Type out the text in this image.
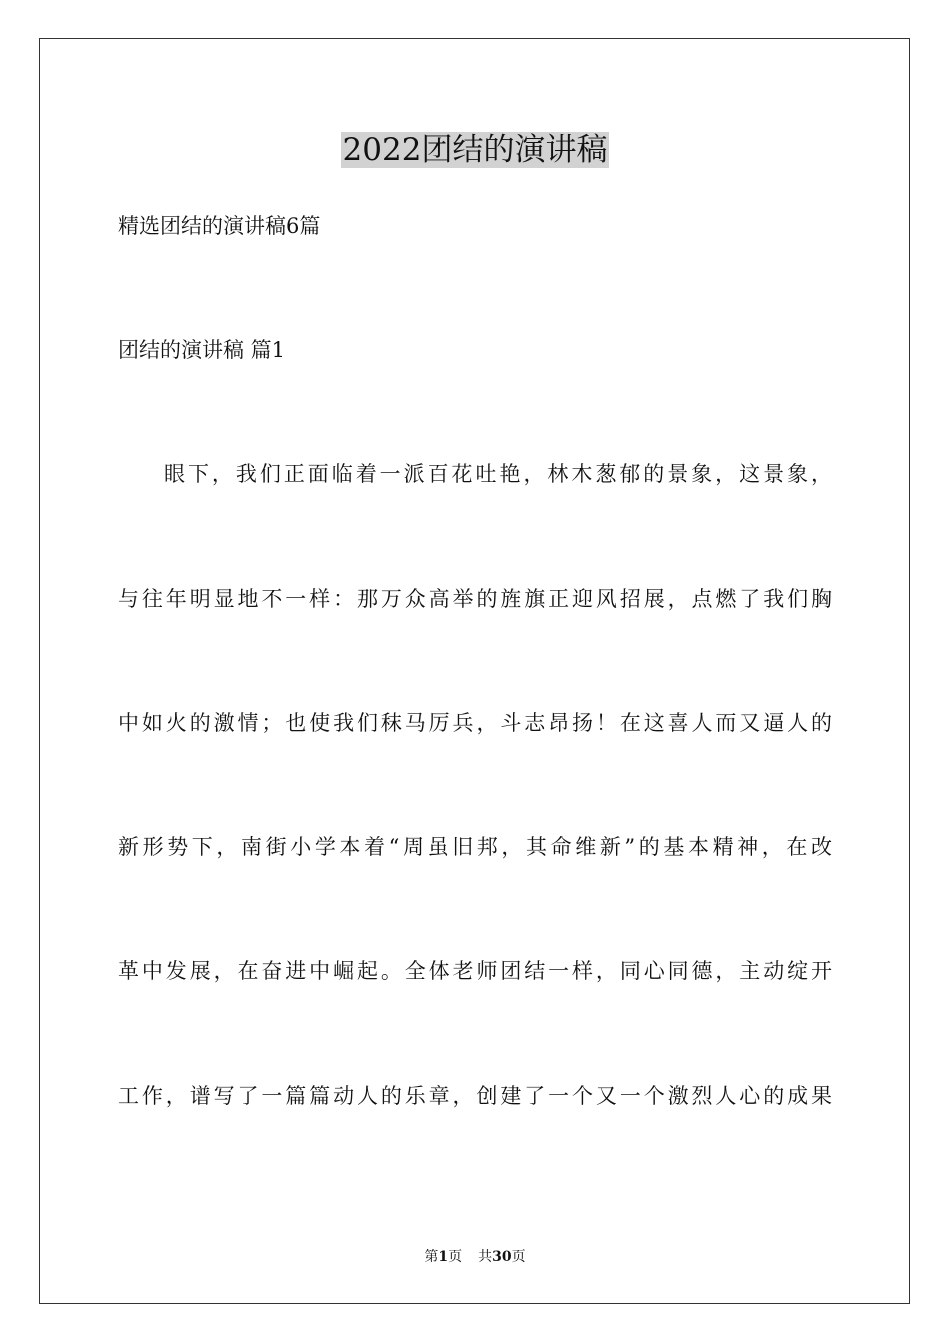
2022团结的演讲稿
精选团结的演讲稿6篇
团结的演讲稿 篇1
眼下，我们正面临着一派百花吐艳，林木葱郁的景象，这景象，
与往年明显地不一样：那万众高举的旌旗正迎风招展，点燃了我们胸
中如火的激情；也使我们秣马厉兵，斗志昂扬！在这喜人而又逼人的
新形势下，南街小学本着“周虽旧邦，其命维新”的基本精神，在改
革中发展，在奋进中崛起。全体老师团结一样，同心同德，主动绽开
工作，谱写了一篇篇动人的乐章，创建了一个又一个激烈人心的成果
第1页 共30页
